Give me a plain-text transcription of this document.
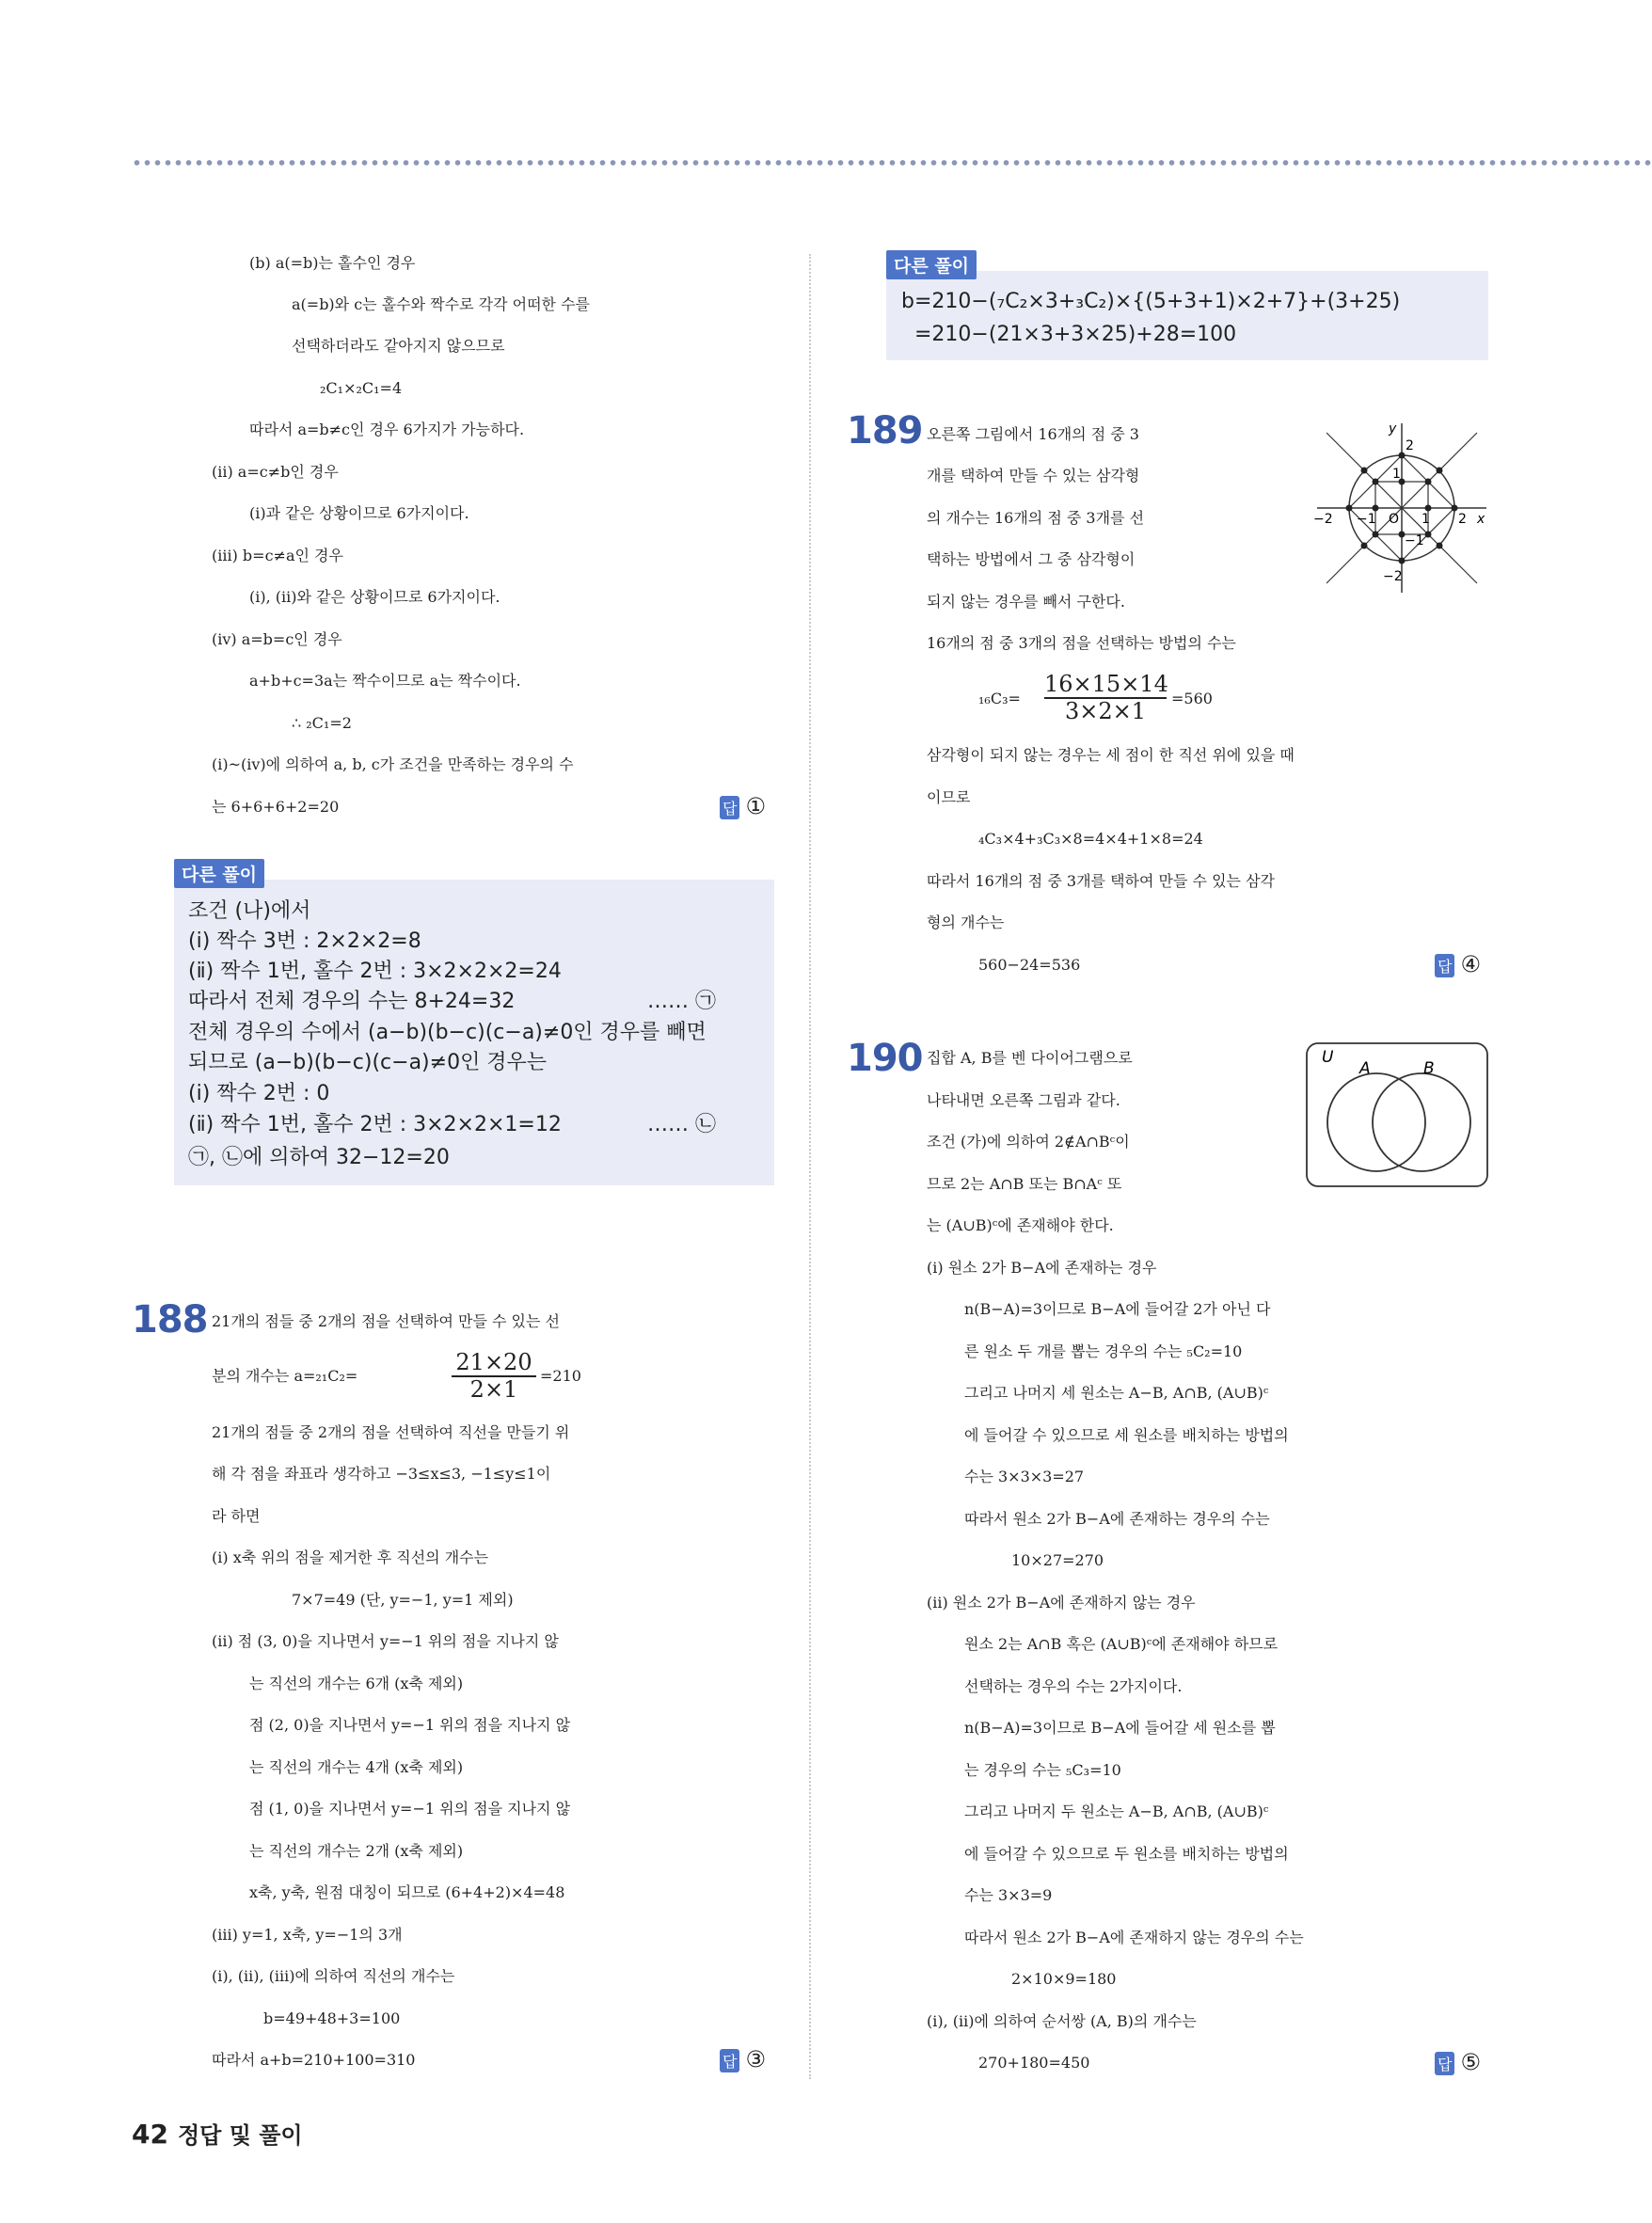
(b) a(=b)는 홀수인 경우
a(=b)와 c는 홀수와 짝수로 각각 어떠한 수를
선택하더라도 같아지지 않으므로
₂C₁×₂C₁=4
따라서 a=b≠c인 경우 6가지가 가능하다.
(ⅱ) a=c≠b인 경우
(ⅰ)과 같은 상황이므로 6가지이다.
(ⅲ) b=c≠a인 경우
(ⅰ), (ⅱ)와 같은 상황이므로 6가지이다.
(ⅳ) a=b=c인 경우
a+b+c=3a는 짝수이므로 a는 짝수이다.
∴ ₂C₁=2
(ⅰ)~(ⅳ)에 의하여 a, b, c가 조건을 만족하는 경우의 수
는 6+6+6+2=20	답 ①
다른 풀이
조건 (나)에서
(ⅰ) 짝수 3번 : 2×2×2=8
(ⅱ) 짝수 1번, 홀수 2번 : 3×2×2×2=24
따라서 전체 경우의 수는 8+24=32	…… ㉠
전체 경우의 수에서 (a−b)(b−c)(c−a)≠0인 경우를 빼면
되므로 (a−b)(b−c)(c−a)≠0인 경우는
(ⅰ) 짝수 2번 : 0
(ⅱ) 짝수 1번, 홀수 2번 : 3×2×2×1=12	…… ㉡
㉠, ㉡에 의하여 32−12=20
188 21개의 점들 중 2개의 점을 선택하여 만들 수 있는 선
분의 개수는 a=₂₁C₂=	$\frac{21\times 20}{2\times 1} =210$
21개의 점들 중 2개의 점을 선택하여 직선을 만들기 위
해 각 점을 좌표라 생각하고 −3≤x≤3, −1≤y≤1이
라 하면
(ⅰ) x축 위의 점을 제거한 후 직선의 개수는
7×7=49 (단, y=−1, y=1 제외)
(ⅱ) 점 (3, 0)을 지나면서 y=−1 위의 점을 지나지 않
는 직선의 개수는 6개 (x축 제외)
점 (2, 0)을 지나면서 y=−1 위의 점을 지나지 않
는 직선의 개수는 4개 (x축 제외)
점 (1, 0)을 지나면서 y=−1 위의 점을 지나지 않
는 직선의 개수는 2개 (x축 제외)
x축, y축, 원점 대칭이 되므로 (6+4+2)×4=48
(ⅲ) y=1, x축, y=−1의 3개
(ⅰ), (ⅱ), (ⅲ)에 의하여 직선의 개수는
b=49+48+3=100
따라서 a+b=210+100=310	답 ③
다른 풀이
b=210−(₇C₂×3+₃C₂)×{(5+3+1)×2+7}+(3+25)
=210−(21×3+3×25)+28=100
189 오른쪽 그림에서 16개의 점 중 3
개를 택하여 만들 수 있는 삼각형
의 개수는 16개의 점 중 3개를 선
택하는 방법에서 그 중 삼각형이
되지 않는 경우를 빼서 구한다.
16개의 점 중 3개의 점을 선택하는 방법의 수는
$_{16}C_3= \frac{16\times 15\times 14}{3\times 2\times 1} =560$
삼각형이 되지 않는 경우는 세 점이 한 직선 위에 있을 때
이므로
₄C₃×4+₃C₃×8=4×4+1×8=24
따라서 16개의 점 중 3개를 택하여 만들 수 있는 삼각
형의 개수는
560−24=536	답 ④
y
2
1
−2 −1 O 1 2 x
−1
−2
190 집합 A, B를 벤 다이어그램으로
나타내면 오른쪽 그림과 같다.
조건 (가)에 의하여 2∉A∩Bᶜ이
므로 2는 A∩B 또는 B∩Aᶜ 또
는 (A∪B)ᶜ에 존재해야 한다.
(ⅰ) 원소 2가 B−A에 존재하는 경우
n(B−A)=3이므로 B−A에 들어갈 2가 아닌 다
른 원소 두 개를 뽑는 경우의 수는 ₅C₂=10
그리고 나머지 세 원소는 A−B, A∩B, (A∪B)ᶜ
에 들어갈 수 있으므로 세 원소를 배치하는 방법의
수는 3×3×3=27
따라서 원소 2가 B−A에 존재하는 경우의 수는
10×27=270
(ⅱ) 원소 2가 B−A에 존재하지 않는 경우
원소 2는 A∩B 혹은 (A∪B)ᶜ에 존재해야 하므로
선택하는 경우의 수는 2가지이다.
n(B−A)=3이므로 B−A에 들어갈 세 원소를 뽑
는 경우의 수는 ₅C₃=10
그리고 나머지 두 원소는 A−B, A∩B, (A∪B)ᶜ
에 들어갈 수 있으므로 두 원소를 배치하는 방법의
수는 3×3=9
따라서 원소 2가 B−A에 존재하지 않는 경우의 수는
2×10×9=180
(ⅰ), (ⅱ)에 의하여 순서쌍 (A, B)의 개수는
270+180=450	답 ⑤
U
A	B
42 정답 및 풀이
